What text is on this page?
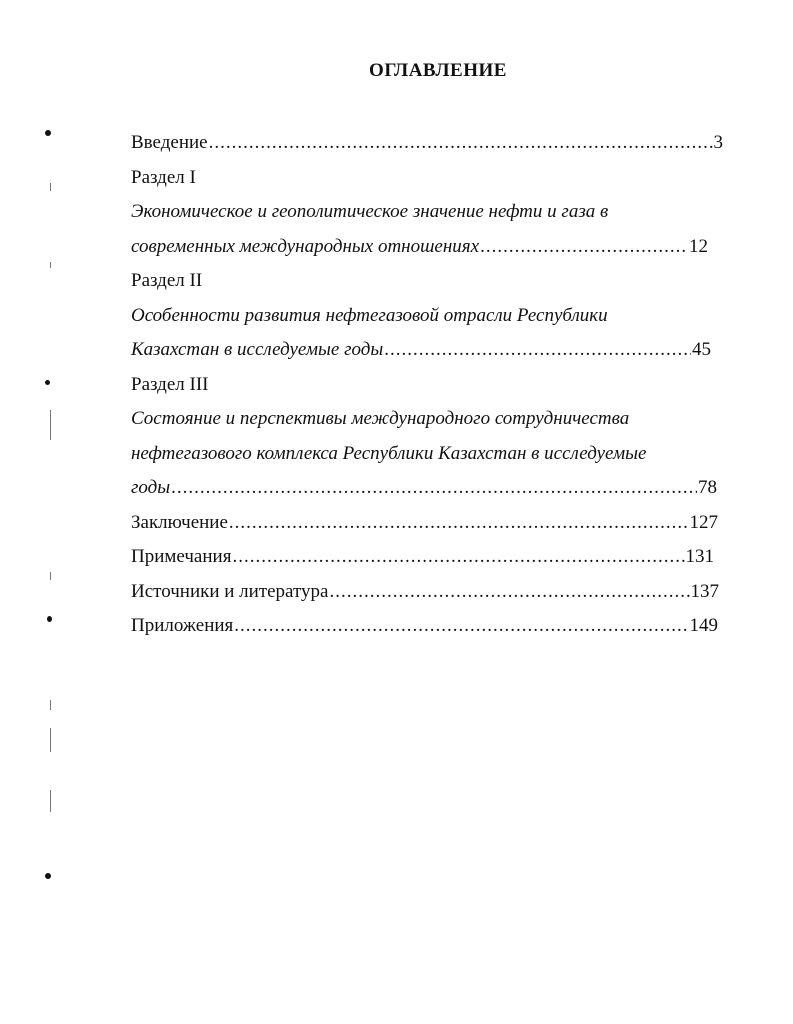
ОГЛАВЛЕНИЕ
Введение .....	3
Раздел I
Экономическое и геополитическое значение нефти и газа в
современных международных отношениях .....	12
Раздел II
Особенности развития нефтегазовой отрасли Республики
Казахстан в исследуемые годы .....	45
Раздел III
Состояние и перспективы международного сотрудничества
нефтегазового комплекса Республики Казахстан в исследуемые
годы .....	78
Заключение .....	127
Примечания .....	131
Источники и литература .....	137
Приложения .....	149
